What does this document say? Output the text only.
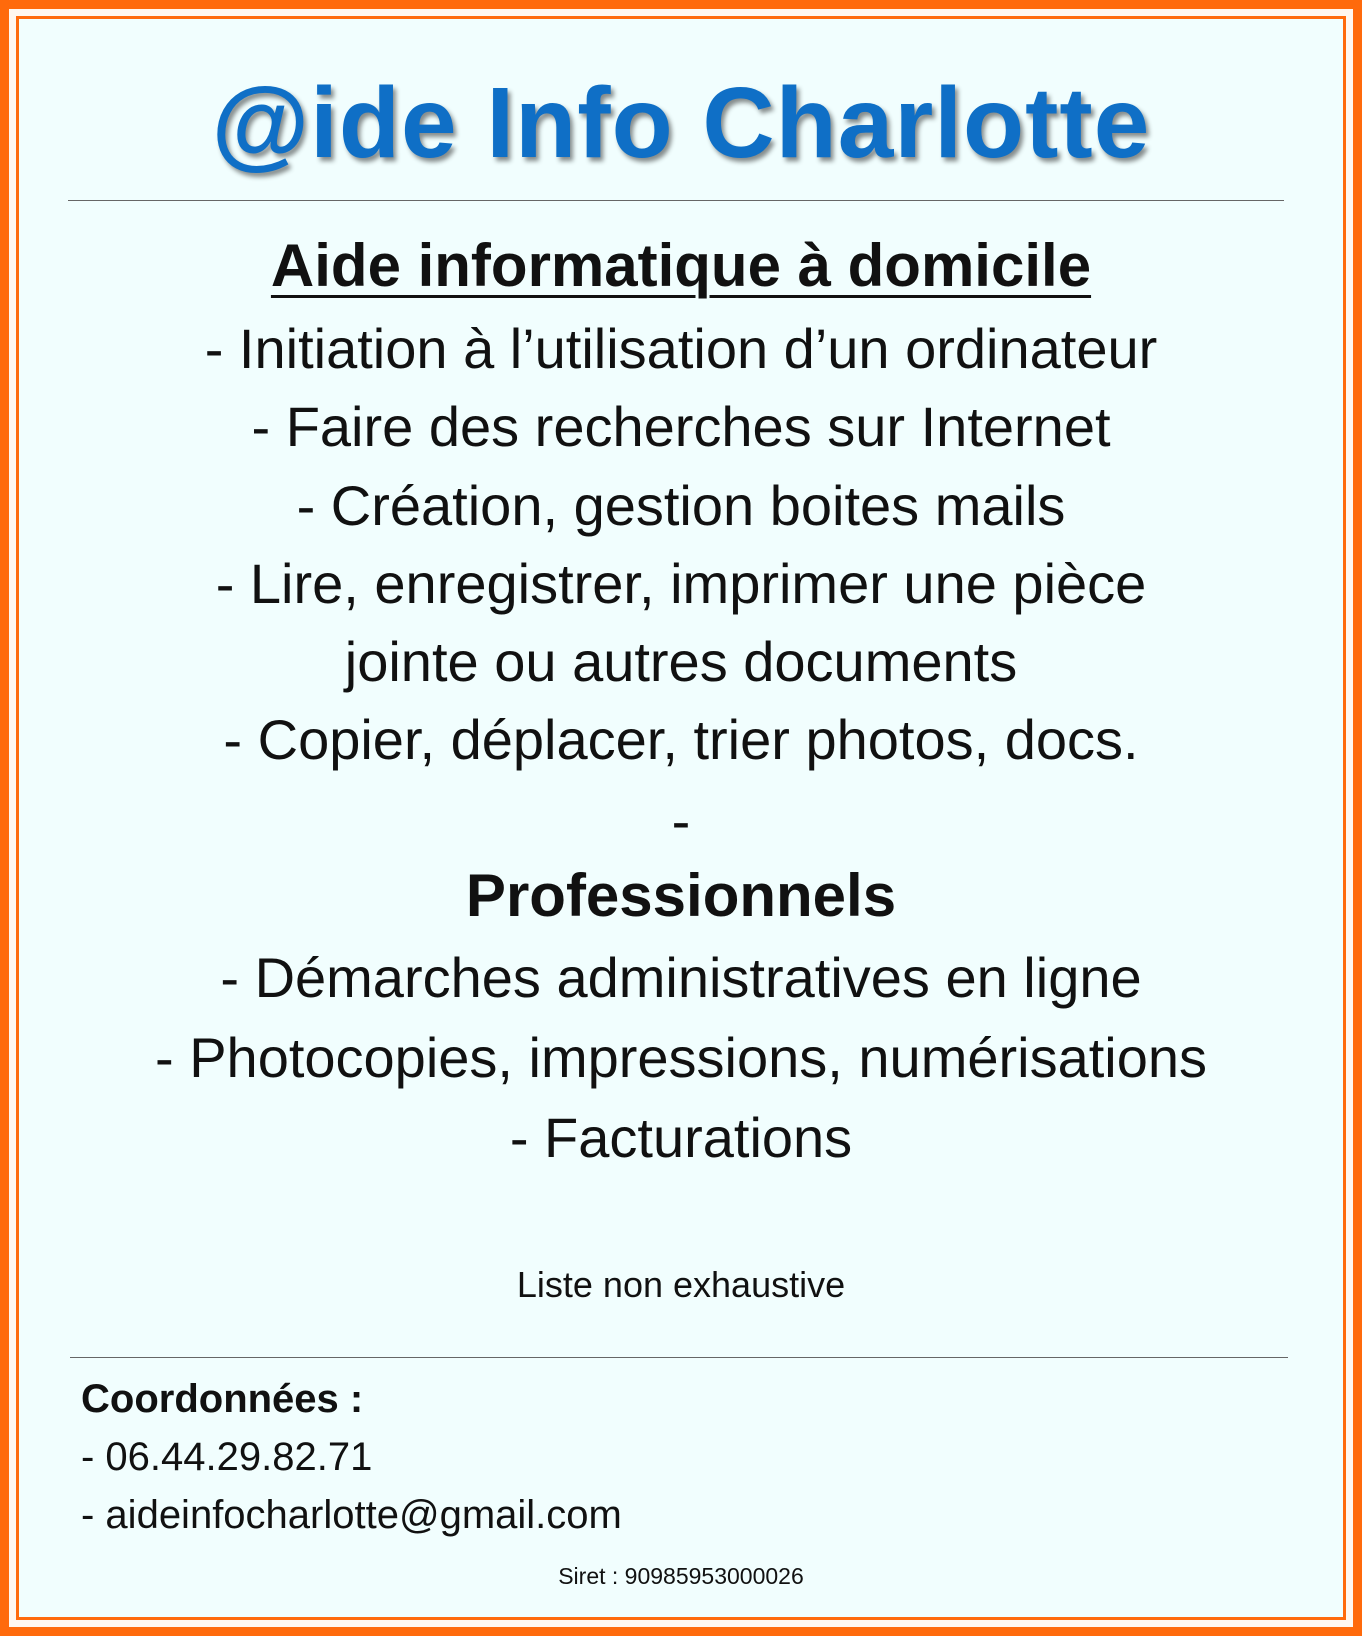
@ide Info Charlotte
Aide informatique à domicile
- Initiation à l’utilisation d’un ordinateur
- Faire des recherches sur Internet
- Création, gestion boites mails
- Lire, enregistrer, imprimer une pièce
jointe ou autres documents
- Copier, déplacer, trier photos, docs.
-
Professionnels
- Démarches administratives en ligne
- Photocopies, impressions, numérisations
- Facturations
Liste non exhaustive
Coordonnées :
- 06.44.29.82.71
- aideinfocharlotte@gmail.com
Siret : 90985953000026
